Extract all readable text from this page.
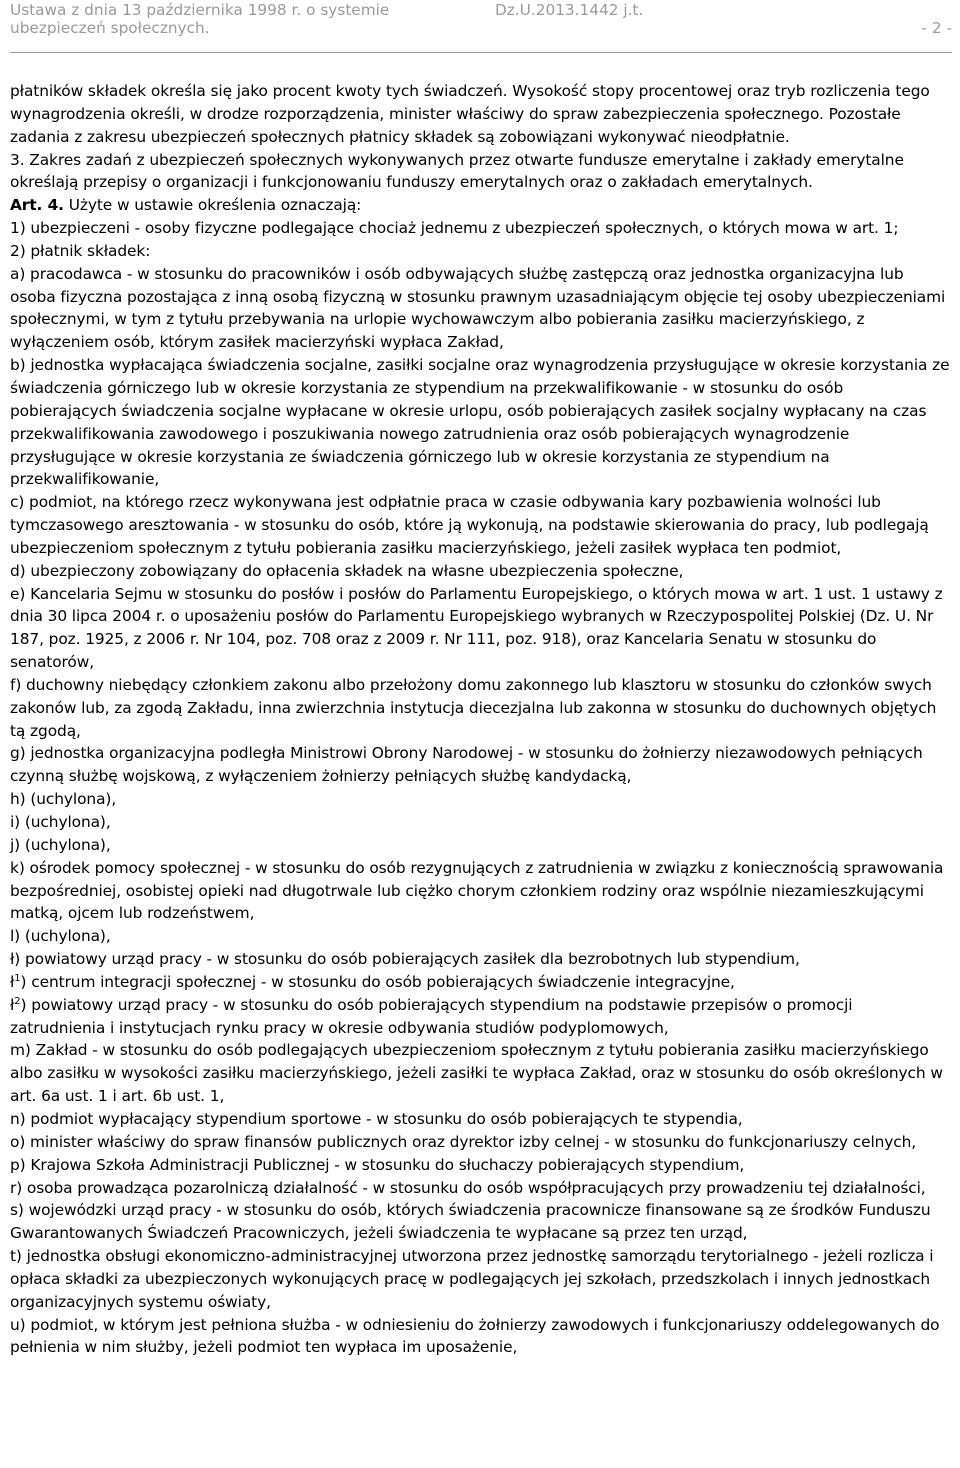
Ustawa z dnia 13 października 1998 r. o systemie
ubezpieczeń społecznych.
Dz.U.2013.1442 j.t.
- 2 -

płatników składek określa się jako procent kwoty tych świadczeń. Wysokość stopy procentowej oraz tryb rozliczenia tego wynagrodzenia określi, w drodze rozporządzenia, minister właściwy do spraw zabezpieczenia społecznego. Pozostałe zadania z zakresu ubezpieczeń społecznych płatnicy składek są zobowiązani wykonywać nieodpłatnie.

3. Zakres zadań z ubezpieczeń społecznych wykonywanych przez otwarte fundusze emerytalne i zakłady emerytalne określają przepisy o organizacji i funkcjonowaniu funduszy emerytalnych oraz o zakładach emerytalnych.

Art. 4. Użyte w ustawie określenia oznaczają:

1) ubezpieczeni - osoby fizyczne podlegające chociaż jednemu z ubezpieczeń społecznych, o których mowa w art. 1;

2) płatnik składek:

a) pracodawca - w stosunku do pracowników i osób odbywających służbę zastępczą oraz jednostka organizacyjna lub osoba fizyczna pozostająca z inną osobą fizyczną w stosunku prawnym uzasadniającym objęcie tej osoby ubezpieczeniami społecznymi, w tym z tytułu przebywania na urlopie wychowawczym albo pobierania zasiłku macierzyńskiego, z wyłączeniem osób, którym zasiłek macierzyński wypłaca Zakład,

b) jednostka wypłacająca świadczenia socjalne, zasiłki socjalne oraz wynagrodzenia przysługujące w okresie korzystania ze świadczenia górniczego lub w okresie korzystania ze stypendium na przekwalifikowanie - w stosunku do osób pobierających świadczenia socjalne wypłacane w okresie urlopu, osób pobierających zasiłek socjalny wypłacany na czas przekwalifikowania zawodowego i poszukiwania nowego zatrudnienia oraz osób pobierających wynagrodzenie przysługujące w okresie korzystania ze świadczenia górniczego lub w okresie korzystania ze stypendium na przekwalifikowanie,

c) podmiot, na którego rzecz wykonywana jest odpłatnie praca w czasie odbywania kary pozbawienia wolności lub tymczasowego aresztowania - w stosunku do osób, które ją wykonują, na podstawie skierowania do pracy, lub podlegają ubezpieczeniom społecznym z tytułu pobierania zasiłku macierzyńskiego, jeżeli zasiłek wypłaca ten podmiot,

d) ubezpieczony zobowiązany do opłacenia składek na własne ubezpieczenia społeczne,

e) Kancelaria Sejmu w stosunku do posłów i posłów do Parlamentu Europejskiego, o których mowa w art. 1 ust. 1 ustawy z dnia 30 lipca 2004 r. o uposażeniu posłów do Parlamentu Europejskiego wybranych w Rzeczypospolitej Polskiej (Dz. U. Nr 187, poz. 1925, z 2006 r. Nr 104, poz. 708 oraz z 2009 r. Nr 111, poz. 918), oraz Kancelaria Senatu w stosunku do senatorów,

f) duchowny niebędący członkiem zakonu albo przełożony domu zakonnego lub klasztoru w stosunku do członków swych zakonów lub, za zgodą Zakładu, inna zwierzchnia instytucja diecezjalna lub zakonna w stosunku do duchownych objętych tą zgodą,

g) jednostka organizacyjna podległa Ministrowi Obrony Narodowej - w stosunku do żołnierzy niezawodowych pełniących czynną służbę wojskową, z wyłączeniem żołnierzy pełniących służbę kandydacką,

h) (uchylona),

i) (uchylona),

j) (uchylona),

k) ośrodek pomocy społecznej - w stosunku do osób rezygnujących z zatrudnienia w związku z koniecznością sprawowania bezpośredniej, osobistej opieki nad długotrwale lub ciężko chorym członkiem rodziny oraz wspólnie niezamieszkującymi matką, ojcem lub rodzeństwem,

l) (uchylona),

ł) powiatowy urząd pracy - w stosunku do osób pobierających zasiłek dla bezrobotnych lub stypendium,

$ł^1$) centrum integracji społecznej - w stosunku do osób pobierających świadczenie integracyjne,

$ł^2$) powiatowy urząd pracy - w stosunku do osób pobierających stypendium na podstawie przepisów o promocji zatrudnienia i instytucjach rynku pracy w okresie odbywania studiów podyplomowych,

m) Zakład - w stosunku do osób podlegających ubezpieczeniom społecznym z tytułu pobierania zasiłku macierzyńskiego albo zasiłku w wysokości zasiłku macierzyńskiego, jeżeli zasiłki te wypłaca Zakład, oraz w stosunku do osób określonych w art. 6a ust. 1 i art. 6b ust. 1,

n) podmiot wypłacający stypendium sportowe - w stosunku do osób pobierających te stypendia,

o) minister właściwy do spraw finansów publicznych oraz dyrektor izby celnej - w stosunku do funkcjonariuszy celnych,

p) Krajowa Szkoła Administracji Publicznej - w stosunku do słuchaczy pobierających stypendium,

r) osoba prowadząca pozarolniczą działalność - w stosunku do osób współpracujących przy prowadzeniu tej działalności,

s) wojewódzki urząd pracy - w stosunku do osób, których świadczenia pracownicze finansowane są ze środków Funduszu Gwarantowanych Świadczeń Pracowniczych, jeżeli świadczenia te wypłacane są przez ten urząd,

t) jednostka obsługi ekonomiczno-administracyjnej utworzona przez jednostkę samorządu terytorialnego - jeżeli rozlicza i opłaca składki za ubezpieczonych wykonujących pracę w podlegających jej szkołach, przedszkolach i innych jednostkach organizacyjnych systemu oświaty,

u) podmiot, w którym jest pełniona służba - w odniesieniu do żołnierzy zawodowych i funkcjonariuszy oddelegowanych do pełnienia w nim służby, jeżeli podmiot ten wypłaca im uposażenie,
